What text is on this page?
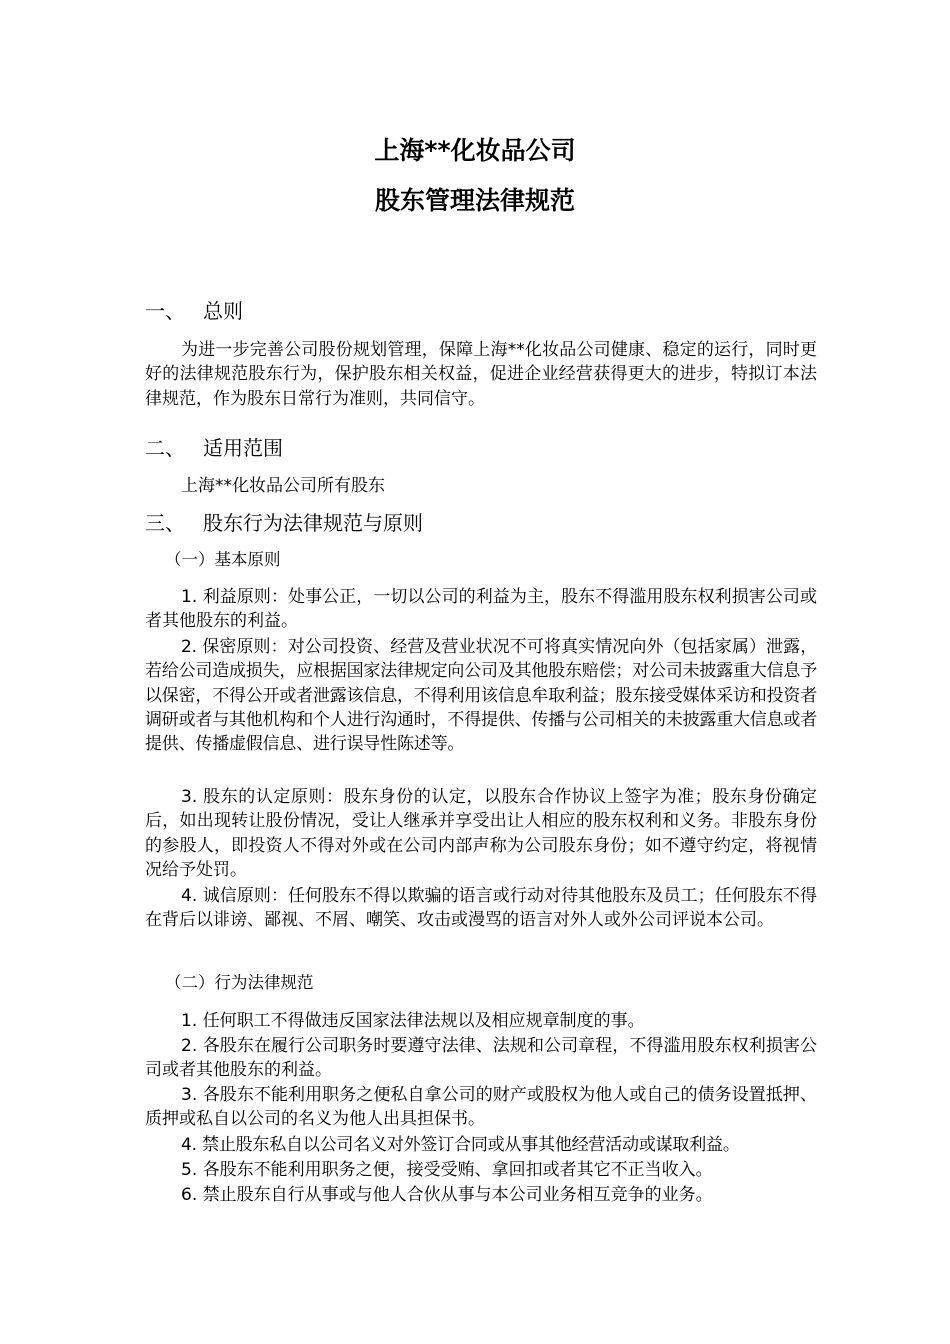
上海**化妆品公司
股东管理法律规范
一、 总则

为进一步完善公司股份规划管理，保障上海**化妆品公司健康、稳定的运行，同时更好的法律规范股东行为，保护股东相关权益，促进企业经营获得更大的进步，特拟订本法律规范，作为股东日常行为准则，共同信守。

二、 适用范围

上海**化妆品公司所有股东

三、 股东行为法律规范与原则
（一）基本原则

1. 利益原则：处事公正，一切以公司的利益为主，股东不得滥用股东权利损害公司或者其他股东的利益。

2. 保密原则：对公司投资、经营及营业状况不可将真实情况向外（包括家属）泄露，若给公司造成损失，应根据国家法律规定向公司及其他股东赔偿；对公司未披露重大信息予以保密，不得公开或者泄露该信息，不得利用该信息牟取利益；股东接受媒体采访和投资者调研或者与其他机构和个人进行沟通时，不得提供、传播与公司相关的未披露重大信息或者提供、传播虚假信息、进行误导性陈述等。

3. 股东的认定原则：股东身份的认定，以股东合作协议上签字为准；股东身份确定后，如出现转让股份情况，受让人继承并享受出让人相应的股东权利和义务。非股东身份的参股人，即投资人不得对外或在公司内部声称为公司股东身份；如不遵守约定，将视情况给予处罚。

4. 诚信原则：任何股东不得以欺骗的语言或行动对待其他股东及员工；任何股东不得在背后以诽谤、鄙视、不屑、嘲笑、攻击或漫骂的语言对外人或外公司评说本公司。

（二）行为法律规范

1. 任何职工不得做违反国家法律法规以及相应规章制度的事。

2. 各股东在履行公司职务时要遵守法律、法规和公司章程，不得滥用股东权利损害公司或者其他股东的利益。

3. 各股东不能利用职务之便私自拿公司的财产或股权为他人或自己的债务设置抵押、质押或私自以公司的名义为他人出具担保书。

4. 禁止股东私自以公司名义对外签订合同或从事其他经营活动或谋取利益。

5. 各股东不能利用职务之便，接受受贿、拿回扣或者其它不正当收入。

6. 禁止股东自行从事或与他人合伙从事与本公司业务相互竞争的业务。
